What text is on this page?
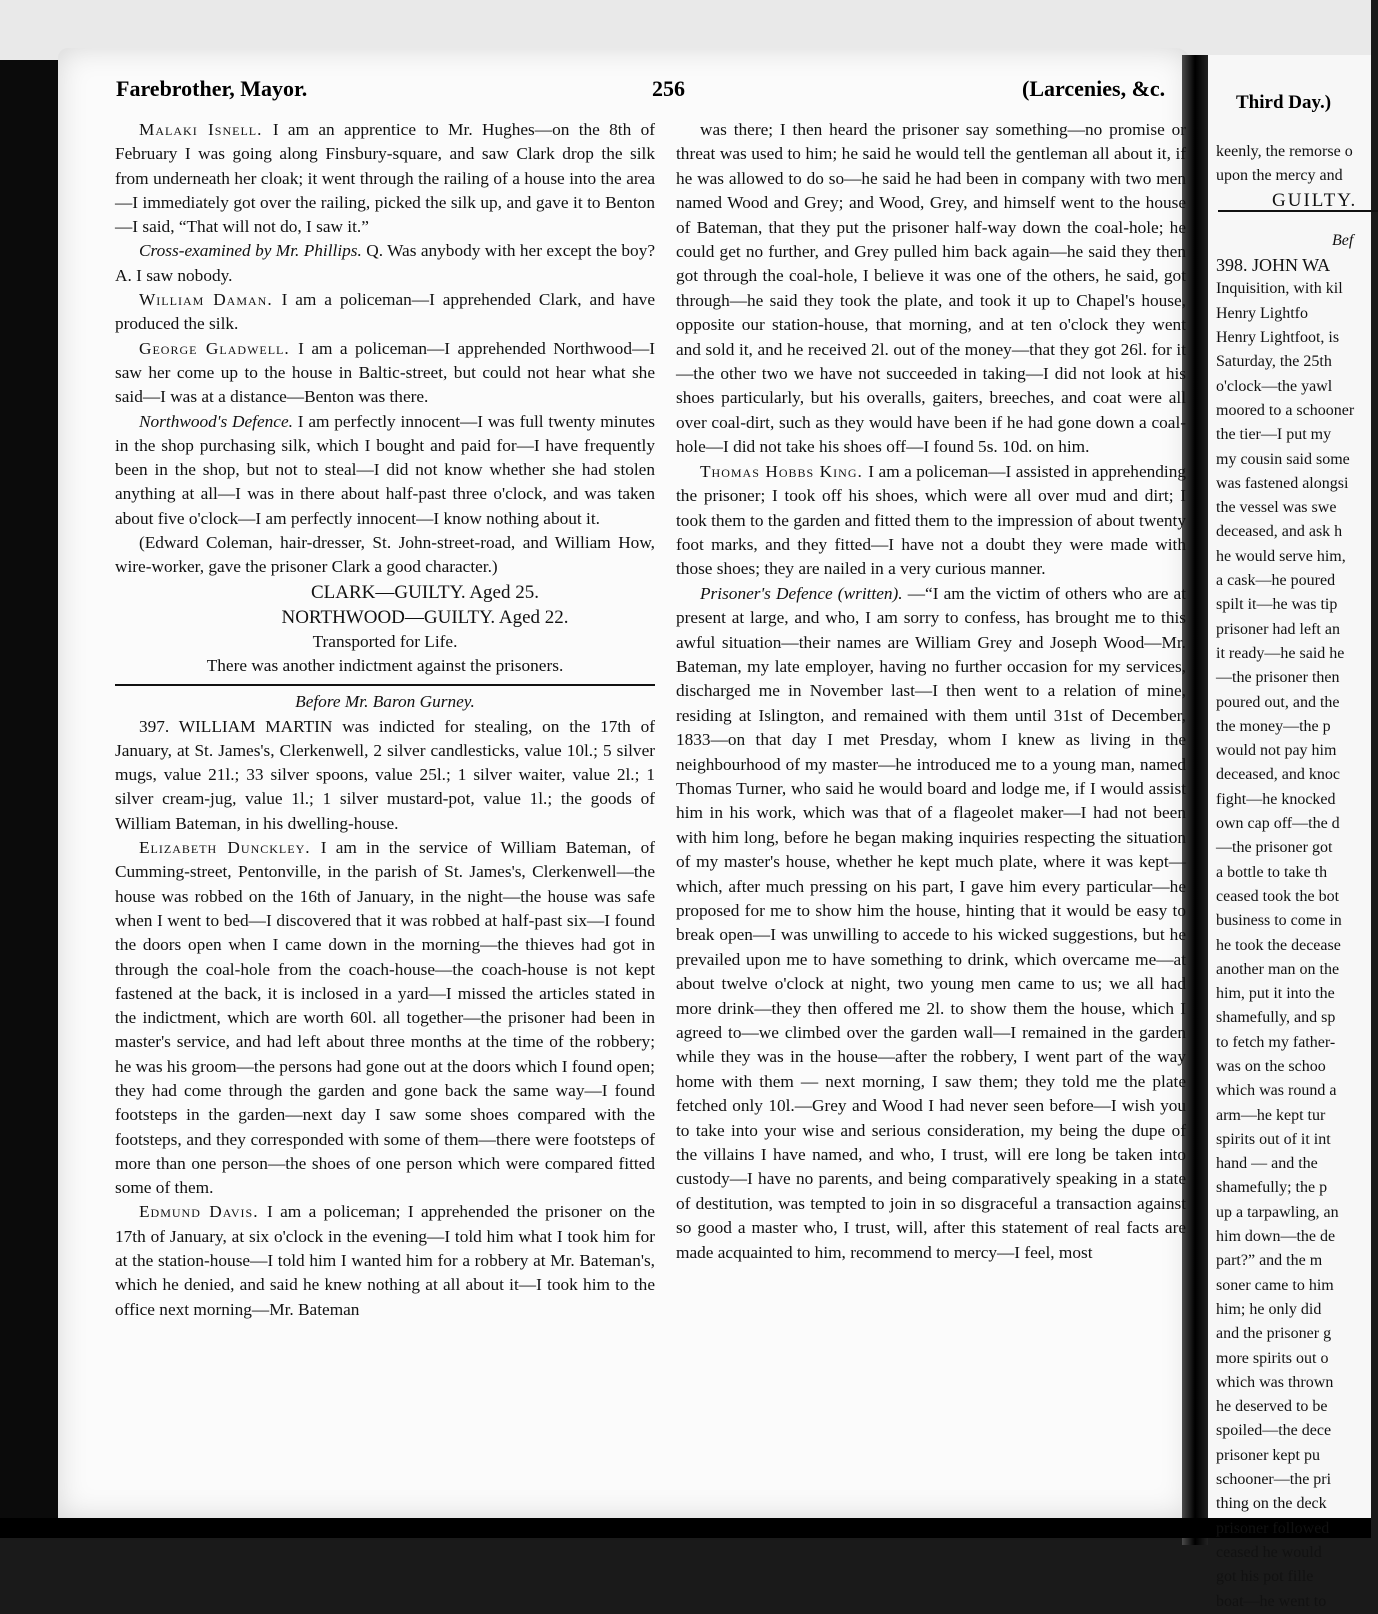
Farebrother, Mayor.	256	(Larcenies, &c.
Third Day.)

Malaki Isnell. I am an apprentice to Mr. Hughes—on the 8th of February I was going along Finsbury-square, and saw Clark drop the silk from underneath her cloak; it went through the railing of a house into the area—I immediately got over the railing, picked the silk up, and gave it to Benton—I said, “That will not do, I saw it.”

Cross-examined by Mr. Phillips. Q. Was anybody with her except the boy? A. I saw nobody.

William Daman. I am a policeman—I apprehended Clark, and have produced the silk.

George Gladwell. I am a policeman—I apprehended Northwood—I saw her come up to the house in Baltic-street, but could not hear what she said—I was at a distance—Benton was there.

Northwood's Defence. I am perfectly innocent—I was full twenty minutes in the shop purchasing silk, which I bought and paid for—I have frequently been in the shop, but not to steal—I did not know whether she had stolen anything at all—I was in there about half-past three o'clock, and was taken about five o'clock—I am perfectly innocent—I know nothing about it.

(Edward Coleman, hair-dresser, St. John-street-road, and William How, wire-worker, gave the prisoner Clark a good character.)

CLARK—GUILTY. Aged 25.
NORTHWOOD—GUILTY. Aged 22.
Transported for Life.
There was another indictment against the prisoners.
Before Mr. Baron Gurney.

397. WILLIAM MARTIN was indicted for stealing, on the 17th of January, at St. James's, Clerkenwell, 2 silver candlesticks, value 10l.; 5 silver mugs, value 21l.; 33 silver spoons, value 25l.; 1 silver waiter, value 2l.; 1 silver cream-jug, value 1l.; 1 silver mustard-pot, value 1l.; the goods of William Bateman, in his dwelling-house.

Elizabeth Dunckley. I am in the service of William Bateman, of Cumming-street, Pentonville, in the parish of St. James's, Clerkenwell—the house was robbed on the 16th of January, in the night—the house was safe when I went to bed—I discovered that it was robbed at half-past six—I found the doors open when I came down in the morning—the thieves had got in through the coal-hole from the coach-house—the coach-house is not kept fastened at the back, it is inclosed in a yard—I missed the articles stated in the indictment, which are worth 60l. all together—the prisoner had been in master's service, and had left about three months at the time of the robbery; he was his groom—the persons had gone out at the doors which I found open; they had come through the garden and gone back the same way—I found footsteps in the garden—next day I saw some shoes compared with the footsteps, and they corresponded with some of them—there were footsteps of more than one person—the shoes of one person which were compared fitted some of them.

Edmund Davis. I am a policeman; I apprehended the prisoner on the 17th of January, at six o'clock in the evening—I told him what I took him for at the station-house—I told him I wanted him for a robbery at Mr. Bateman's, which he denied, and said he knew nothing at all about it—I took him to the office next morning—Mr. Bateman

was there; I then heard the prisoner say something—no promise or threat was used to him; he said he would tell the gentleman all about it, if he was allowed to do so—he said he had been in company with two men named Wood and Grey; and Wood, Grey, and himself went to the house of Bateman, that they put the prisoner half-way down the coal-hole; he could get no further, and Grey pulled him back again—he said they then got through the coal-hole, I believe it was one of the others, he said, got through—he said they took the plate, and took it up to Chapel's house, opposite our station-house, that morning, and at ten o'clock they went and sold it, and he received 2l. out of the money—that they got 26l. for it—the other two we have not succeeded in taking—I did not look at his shoes particularly, but his overalls, gaiters, breeches, and coat were all over coal-dirt, such as they would have been if he had gone down a coal-hole—I did not take his shoes off—I found 5s. 10d. on him.

Thomas Hobbs King. I am a policeman—I assisted in apprehending the prisoner; I took off his shoes, which were all over mud and dirt; I took them to the garden and fitted them to the impression of about twenty foot marks, and they fitted—I have not a doubt they were made with those shoes; they are nailed in a very curious manner.

Prisoner's Defence (written). —“I am the victim of others who are at present at large, and who, I am sorry to confess, has brought me to this awful situation—their names are William Grey and Joseph Wood—Mr. Bateman, my late employer, having no further occasion for my services, discharged me in November last—I then went to a relation of mine, residing at Islington, and remained with them until 31st of December, 1833—on that day I met Presday, whom I knew as living in the neighbourhood of my master—he introduced me to a young man, named Thomas Turner, who said he would board and lodge me, if I would assist him in his work, which was that of a flageolet maker—I had not been with him long, before he began making inquiries respecting the situation of my master's house, whether he kept much plate, where it was kept—which, after much pressing on his part, I gave him every particular—he proposed for me to show him the house, hinting that it would be easy to break open—I was unwilling to accede to his wicked suggestions, but he prevailed upon me to have something to drink, which overcame me—at about twelve o'clock at night, two young men came to us; we all had more drink—they then offered me 2l. to show them the house, which I agreed to—we climbed over the garden wall—I remained in the garden while they was in the house—after the robbery, I went part of the way home with them — next morning, I saw them; they told me the plate fetched only 10l.—Grey and Wood I had never seen before—I wish you to take into your wise and serious consideration, my being the dupe of the villains I have named, and who, I trust, will ere long be taken into custody—I have no parents, and being comparatively speaking in a state of destitution, was tempted to join in so disgraceful a transaction against so good a master who, I trust, will, after this statement of real facts are made acquainted to him, recommend to mercy—I feel, most

keenly, the remorse o
upon the mercy and
GUILTY.
Bef
398. JOHN WA
Inquisition, with kil
Henry Lightfo
Henry Lightfoot, is
Saturday, the 25th
o'clock—the yawl
moored to a schooner
the tier—I put my
my cousin said some
was fastened alongsi
the vessel was swe
deceased, and ask h
he would serve him,
a cask—he poured
spilt it—he was tip
prisoner had left an
it ready—he said he
—the prisoner then
poured out, and the
the money—the p
would not pay him
deceased, and knoc
fight—he knocked
own cap off—the d
—the prisoner got
a bottle to take th
ceased took the bot
business to come in
he took the decease
another man on the
him, put it into the
shamefully, and sp
to fetch my father-
was on the schoo
which was round a
arm—he kept tur
spirits out of it int
hand — and the
shamefully; the p
up a tarpawling, an
him down—the de
part?” and the m
soner came to him
him; he only did
and the prisoner g
more spirits out o
which was thrown
he deserved to be
spoiled—the dece
prisoner kept pu
schooner—the pri
thing on the deck
prisoner followed
ceased he would
got his pot fille
boat—he went to
